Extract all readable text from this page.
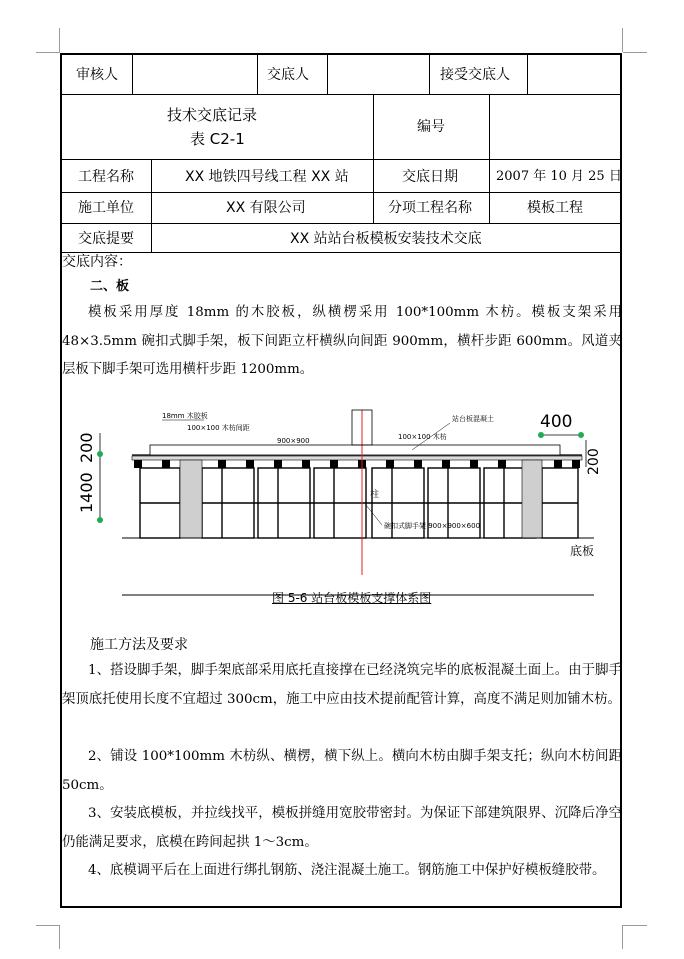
审核人	交底人	接受交底人
技术交底记录
表 C2-1
编号
工程名称	XX 地铁四号线工程 XX 站	交底日期	2007 年 10 月 25 日
施工单位	XX 有限公司	分项工程名称	模板工程
交底提要	XX 站站台板模板安装技术交底
交底内容：
二、板
模板采用厚度 18mm 的木胶板，纵横楞采用 100*100mm 木枋。模板支架采用 48×3.5mm 碗扣式脚手架，板下间距立杆横纵向间距 900mm，横杆步距 600mm。风道夹层板下脚手架可选用横杆步距 1200mm。
1400
200
400
200
18mm 木胶板
100×100 木枋间距
900×900	100×100 木枋
站台板混凝土
柱
碗扣式脚手架 900×900×600
底板
图 5-6 站台板模板支撑体系图
施工方法及要求
1、搭设脚手架，脚手架底部采用底托直接撑在已经浇筑完毕的底板混凝土面上。由于脚手架顶底托使用长度不宜超过 300cm，施工中应由技术提前配管计算，高度不满足则加铺木枋。
2、铺设 100*100mm 木枋纵、横楞，横下纵上。横向木枋由脚手架支托；纵向木枋间距 50cm。
3、安装底模板，并拉线找平，模板拼缝用宽胶带密封。为保证下部建筑限界、沉降后净空仍能满足要求，底模在跨间起拱 1～3cm。
4、底模调平后在上面进行绑扎钢筋、浇注混凝土施工。钢筋施工中保护好模板缝胶带。
